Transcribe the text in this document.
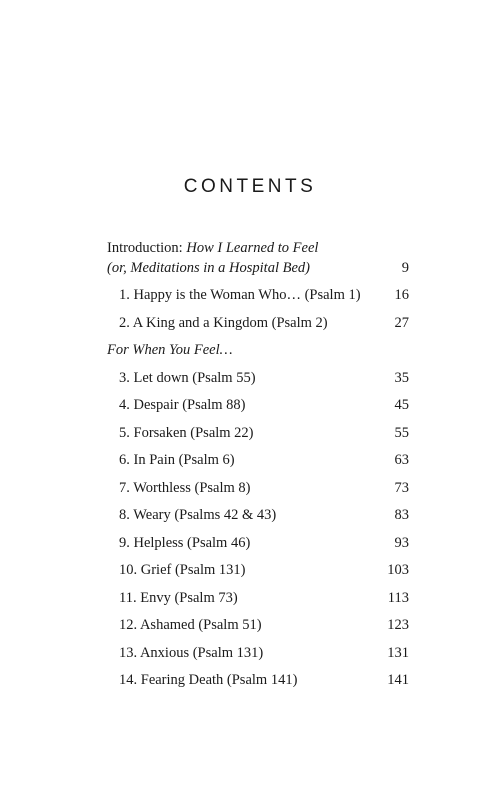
CONTENTS
Introduction: How I Learned to Feel
(or, Meditations in a Hospital Bed)	9
1. Happy is the Woman Who… (Psalm 1) 16
2. A King and a Kingdom (Psalm 2)	27
For When You Feel…
3. Let down (Psalm 55)	35
4. Despair (Psalm 88)	45
5. Forsaken (Psalm 22)	55
6. In Pain (Psalm 6)	63
7. Worthless (Psalm 8)	73
8. Weary (Psalms 42 & 43)	83
9. Helpless (Psalm 46)	93
10. Grief (Psalm 131)	103
11. Envy (Psalm 73)	113
12. Ashamed (Psalm 51)	123
13. Anxious (Psalm 131)	131
14. Fearing Death (Psalm 141)	141
